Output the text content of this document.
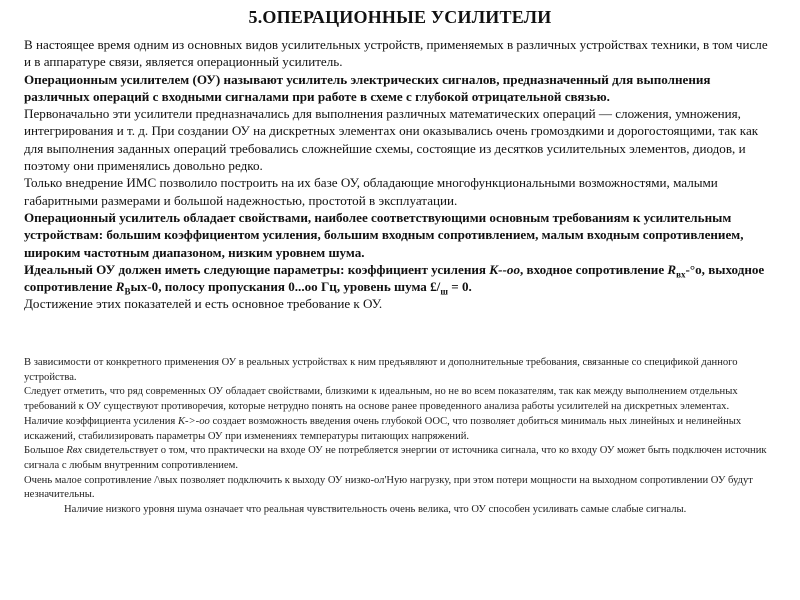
5.ОПЕРАЦИОННЫЕ УСИЛИТЕЛИ

В настоящее время одним из основных видов усилительных устройств, применяемых в различных устройствах техники, в том числе и в аппаратуре связи, является операционный усилитель.

Операционным усилителем (ОУ) называют усилитель электрических сигналов, предназначенный для выполнения различных операций с входными сигналами при работе в схеме с глубокой отрицательной связью.

Первоначально эти усилители предназначались для выполнения различных математических операций — сложения, умножения, интегрирования и т. д. При создании ОУ на дискретных элементах они оказывались очень громоздкими и дорогостоящими, так как для выполнения заданных операций требовались сложнейшие схемы, состоящие из десятков усилительных элементов, диодов, и поэтому они применялись довольно редко.

Только внедрение ИМС позволило построить на их базе ОУ, обладающие многофункциональными возможностями, малыми габаритными размерами и большой надежностью, простотой в эксплуатации.

Операционный усилитель обладает свойствами, наиболее соответствующими основным требованиям к усилительным устройствам: большим коэффициентом усиления, большим входным сопротивлением, малым входным сопротивлением, широким частотным диапазоном, низким уровнем шума.

Идеальный ОУ должен иметь следующие параметры: коэффициент усиления К--оо, входное сопротивление $R_{вх}-^\circ о$, выходное сопротивление $R_Вых-0$, полосу пропускания 0...оо Гц, уровень шума $£/_ш = 0$.

Достижение этих показателей и есть основное требование к ОУ.

В зависимости от конкретного применения ОУ в реальных устройствах к ним предъявляют и дополнительные требования, связанные со спецификой данного устройства.

Следует отметить, что ряд современных ОУ обладает свойствами, близкими к идеальным, но не во всем показателям, так как между выполнением отдельных требований к ОУ существуют противоречия, которые нетрудно понять на основе ранее проведенного анализа работы усилителей на дискретных элементах.

Наличие коэффициента усиления К->-оо создает возможность введения очень глубокой ООС, что позволяет добиться минималь ных линейных и нелинейных искажений, стабилизировать параметры ОУ при изменениях температуры питающих напряжений.

Большое Rвх свидетельствует о том, что практически на входе ОУ не потребляется энергии от источника сигнала, что ко входу ОУ может быть подключен источник сигнала с любым внутренним сопротивлением.

Очень малое сопротивление /\вых позволяет подключить к выходу ОУ низко-ол'Ную нагрузку, при этом потери мощности на выходном сопротивлении ОУ будут незначительны.

Наличие низкого уровня шума означает что реальная чувствительность очень велика, что ОУ способен усиливать самые слабые сигналы.
